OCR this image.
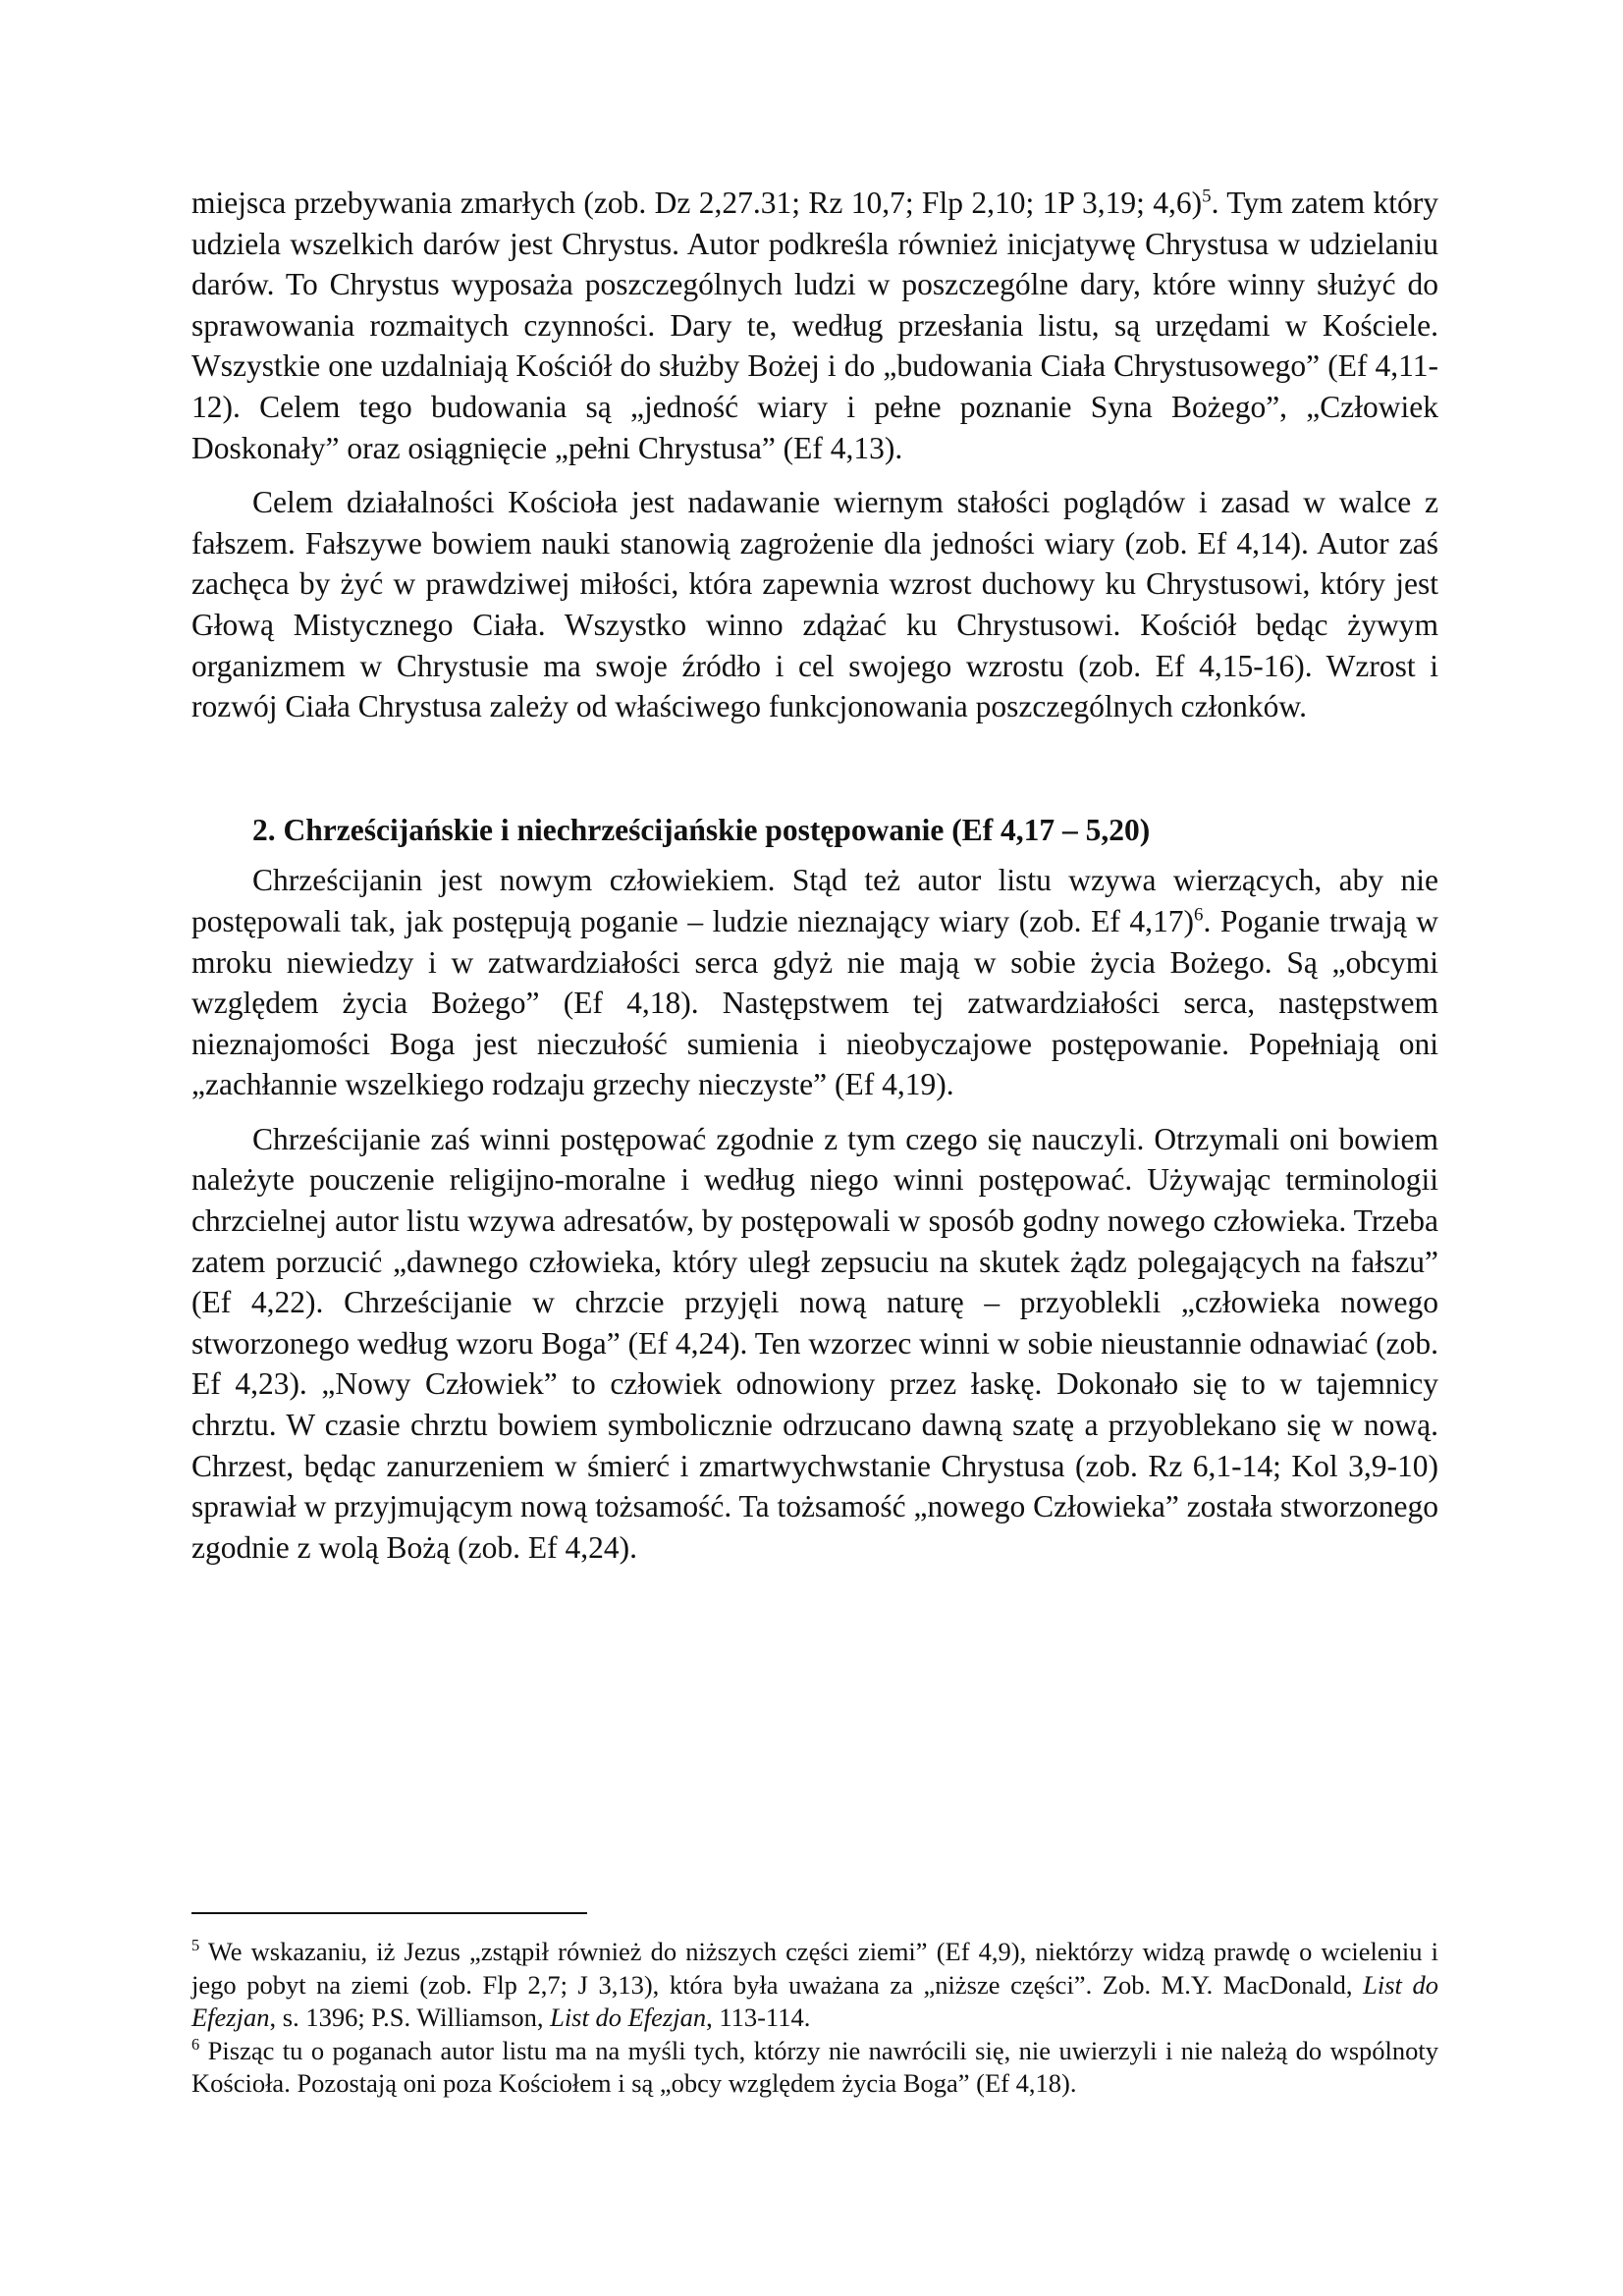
miejsca przebywania zmarłych (zob. Dz 2,27.31; Rz 10,7; Flp 2,10; 1P 3,19; 4,6)$^5$. Tym zatem który udziela wszelkich darów jest Chrystus. Autor podkreśla również inicjatywę Chrystusa w udzielaniu darów. To Chrystus wyposaża poszczególnych ludzi w poszczególne dary, które winny służyć do sprawowania rozmaitych czynności. Dary te, według przesłania listu, są urzędami w Kościele. Wszystkie one uzdalniają Kościół do służby Bożej i do „budowania Ciała Chrystusowego” (Ef 4,11-12). Celem tego budowania są „jedność wiary i pełne poznanie Syna Bożego”, „Człowiek Doskonały” oraz osiągnięcie „pełni Chrystusa” (Ef 4,13).

Celem działalności Kościoła jest nadawanie wiernym stałości poglądów i zasad w walce z fałszem. Fałszywe bowiem nauki stanowią zagrożenie dla jedności wiary (zob. Ef 4,14). Autor zaś zachęca by żyć w prawdziwej miłości, która zapewnia wzrost duchowy ku Chrystusowi, który jest Głową Mistycznego Ciała. Wszystko winno zdążać ku Chrystusowi. Kościół będąc żywym organizmem w Chrystusie ma swoje źródło i cel swojego wzrostu (zob. Ef 4,15-16). Wzrost i rozwój Ciała Chrystusa zależy od właściwego funkcjonowania poszczególnych członków.

2. Chrześcijańskie i niechrześcijańskie postępowanie (Ef 4,17 – 5,20)

Chrześcijanin jest nowym człowiekiem. Stąd też autor listu wzywa wierzących, aby nie postępowali tak, jak postępują poganie – ludzie nieznający wiary (zob. Ef 4,17)$^6$. Poganie trwają w mroku niewiedzy i w zatwardziałości serca gdyż nie mają w sobie życia Bożego. Są „obcymi względem życia Bożego” (Ef 4,18). Następstwem tej zatwardziałości serca, następstwem nieznajomości Boga jest nieczułość sumienia i nieobyczajowe postępowanie. Popełniają oni „zachłannie wszelkiego rodzaju grzechy nieczyste” (Ef 4,19).

Chrześcijanie zaś winni postępować zgodnie z tym czego się nauczyli. Otrzymali oni bowiem należyte pouczenie religijno-moralne i według niego winni postępować. Używając terminologii chrzcielnej autor listu wzywa adresatów, by postępowali w sposób godny nowego człowieka. Trzeba zatem porzucić „dawnego człowieka, który uległ zepsuciu na skutek żądz polegających na fałszu” (Ef 4,22). Chrześcijanie w chrzcie przyjęli nową naturę – przyoblekli „człowieka nowego stworzonego według wzoru Boga” (Ef 4,24). Ten wzorzec winni w sobie nieustannie odnawiać (zob. Ef 4,23). „Nowy Człowiek” to człowiek odnowiony przez łaskę. Dokonało się to w tajemnicy chrztu. W czasie chrztu bowiem symbolicznie odrzucano dawną szatę a przyoblekano się w nową. Chrzest, będąc zanurzeniem w śmierć i zmartwychwstanie Chrystusa (zob. Rz 6,1-14; Kol 3,9-10) sprawiał w przyjmującym nową tożsamość. Ta tożsamość „nowego Człowieka” została stworzonego zgodnie z wolą Bożą (zob. Ef 4,24).

$^5$ We wskazaniu, iż Jezus „zstąpił również do niższych części ziemi” (Ef 4,9), niektórzy widzą prawdę o wcieleniu i jego pobyt na ziemi (zob. Flp 2,7; J 3,13), która była uważana za „niższe części”. Zob. M.Y. MacDonald, List do Efezjan, s. 1396; P.S. Williamson, List do Efezjan, 113-114.

$^6$ Pisząc tu o poganach autor listu ma na myśli tych, którzy nie nawrócili się, nie uwierzyli i nie należą do wspólnoty Kościoła. Pozostają oni poza Kościołem i są „obcy względem życia Boga” (Ef 4,18).
